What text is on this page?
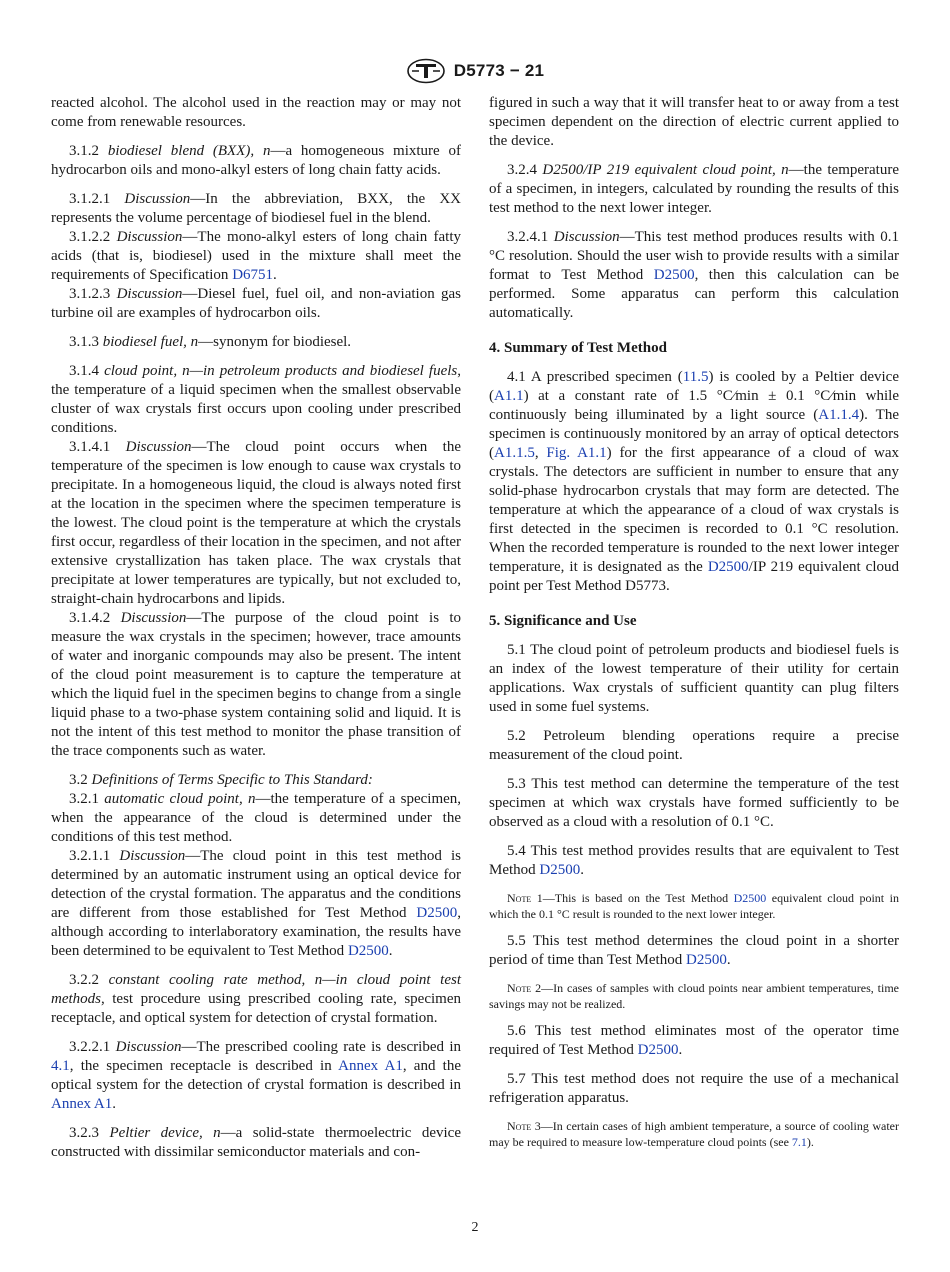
D5773 − 21

reacted alcohol. The alcohol used in the reaction may or may not come from renewable resources.

3.1.2 biodiesel blend (BXX), n—a homogeneous mixture of hydrocarbon oils and mono-alkyl esters of long chain fatty acids.

3.1.2.1 Discussion—In the abbreviation, BXX, the XX represents the volume percentage of biodiesel fuel in the blend.

3.1.2.2 Discussion—The mono-alkyl esters of long chain fatty acids (that is, biodiesel) used in the mixture shall meet the requirements of Specification D6751.

3.1.2.3 Discussion—Diesel fuel, fuel oil, and non-aviation gas turbine oil are examples of hydrocarbon oils.

3.1.3 biodiesel fuel, n—synonym for biodiesel.

3.1.4 cloud point, n—in petroleum products and biodiesel fuels, the temperature of a liquid specimen when the smallest observable cluster of wax crystals first occurs upon cooling under prescribed conditions.

3.1.4.1 Discussion—The cloud point occurs when the temperature of the specimen is low enough to cause wax crystals to precipitate. In a homogeneous liquid, the cloud is always noted first at the location in the specimen where the specimen temperature is the lowest. The cloud point is the temperature at which the crystals first occur, regardless of their location in the specimen, and not after extensive crystallization has taken place. The wax crystals that precipitate at lower temperatures are typically, but not excluded to, straight-chain hydrocarbons and lipids.

3.1.4.2 Discussion—The purpose of the cloud point is to measure the wax crystals in the specimen; however, trace amounts of water and inorganic compounds may also be present. The intent of the cloud point measurement is to capture the temperature at which the liquid fuel in the specimen begins to change from a single liquid phase to a two-phase system containing solid and liquid. It is not the intent of this test method to monitor the phase transition of the trace components such as water.

3.2 Definitions of Terms Specific to This Standard:

3.2.1 automatic cloud point, n—the temperature of a specimen, when the appearance of the cloud is determined under the conditions of this test method.

3.2.1.1 Discussion—The cloud point in this test method is determined by an automatic instrument using an optical device for detection of the crystal formation. The apparatus and the conditions are different from those established for Test Method D2500, although according to interlaboratory examination, the results have been determined to be equivalent to Test Method D2500.

3.2.2 constant cooling rate method, n—in cloud point test methods, test procedure using prescribed cooling rate, specimen receptacle, and optical system for detection of crystal formation.

3.2.2.1 Discussion—The prescribed cooling rate is described in 4.1, the specimen receptacle is described in Annex A1, and the optical system for the detection of crystal formation is described in Annex A1.

3.2.3 Peltier device, n—a solid-state thermoelectric device constructed with dissimilar semiconductor materials and con-

figured in such a way that it will transfer heat to or away from a test specimen dependent on the direction of electric current applied to the device.

3.2.4 D2500/IP 219 equivalent cloud point, n—the temperature of a specimen, in integers, calculated by rounding the results of this test method to the next lower integer.

3.2.4.1 Discussion—This test method produces results with 0.1 °C resolution. Should the user wish to provide results with a similar format to Test Method D2500, then this calculation can be performed. Some apparatus can perform this calculation automatically.

4. Summary of Test Method

4.1 A prescribed specimen (11.5) is cooled by a Peltier device (A1.1) at a constant rate of 1.5 °C⁄min ± 0.1 °C⁄min while continuously being illuminated by a light source (A1.1.4). The specimen is continuously monitored by an array of optical detectors (A1.1.5, Fig. A1.1) for the first appearance of a cloud of wax crystals. The detectors are sufficient in number to ensure that any solid-phase hydrocarbon crystals that may form are detected. The temperature at which the appearance of a cloud of wax crystals is first detected in the specimen is recorded to 0.1 °C resolution. When the recorded temperature is rounded to the next lower integer temperature, it is designated as the D2500/IP 219 equivalent cloud point per Test Method D5773.

5. Significance and Use

5.1 The cloud point of petroleum products and biodiesel fuels is an index of the lowest temperature of their utility for certain applications. Wax crystals of sufficient quantity can plug filters used in some fuel systems.

5.2 Petroleum blending operations require a precise measurement of the cloud point.

5.3 This test method can determine the temperature of the test specimen at which wax crystals have formed sufficiently to be observed as a cloud with a resolution of 0.1 °C.

5.4 This test method provides results that are equivalent to Test Method D2500.

Note 1—This is based on the Test Method D2500 equivalent cloud point in which the 0.1 °C result is rounded to the next lower integer.

5.5 This test method determines the cloud point in a shorter period of time than Test Method D2500.

Note 2—In cases of samples with cloud points near ambient temperatures, time savings may not be realized.

5.6 This test method eliminates most of the operator time required of Test Method D2500.

5.7 This test method does not require the use of a mechanical refrigeration apparatus.

Note 3—In certain cases of high ambient temperature, a source of cooling water may be required to measure low-temperature cloud points (see 7.1).

2
